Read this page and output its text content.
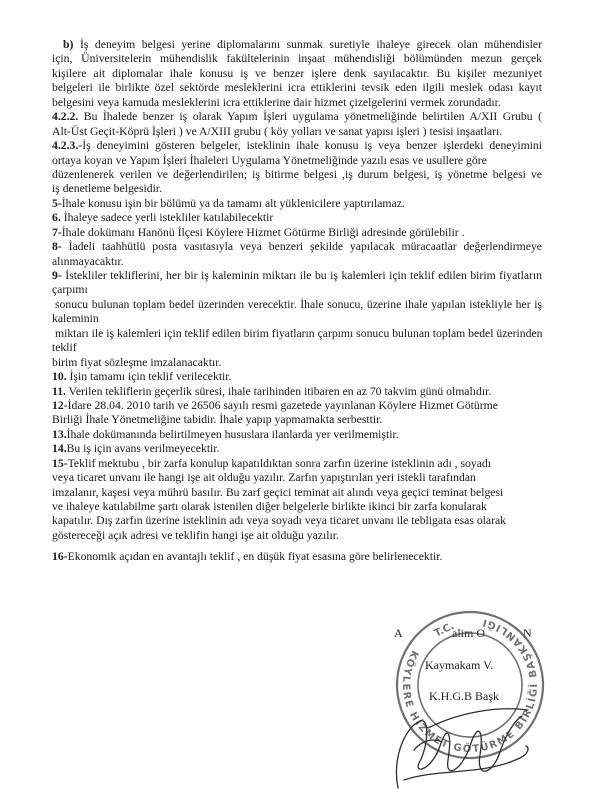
b) İş deneyim belgesi yerine diplomalarını sunmak suretiyle ihaleye girecek olan mühendisler
için, Üniversitelerin mühendislik fakültelerinin inşaat mühendisliği bölümünden mezun gerçek
kişilere ait diplomalar ihale konusu iş ve benzer işlere denk sayılacaktır. Bu kişiler mezuniyet
belgeleri ile birlikte özel sektörde mesleklerini icra ettiklerini tevsik eden ilgili meslek odası kayıt
belgesini veya kamuda mesleklerini icra ettiklerine dair hizmet çizelgelerini vermek zorundadır.
4.2.2. Bu İhalede benzer iş olarak Yapım İşleri uygulama yönetmeliğinde belirtilen A/XII Grubu (
Alt-Üst Geçit-Köprü İşleri ) ve A/XIII grubu ( köy yolları ve sanat yapısı işleri ) tesisi inşaatları.
4.2.3.-İş deneyimini gösteren belgeler, isteklinin ihale konusu iş veya benzer işlerdeki deneyimini
ortaya koyan ve Yapım İşleri İhaleleri Uygulama Yönetmeliğinde yazılı esas ve usullere göre
düzenlenerek verilen ve değerlendirilen; iş bitirme belgesi ,iş durum belgesi, iş yönetme belgesi ve
iş denetleme belgesidir.
5-İhale konusu işin bir bölümü ya da tamamı alt yüklenicilere yaptırılamaz.
6. İhaleye sadece yerli istekliler katılabilecektir
7-İhale dokümanı Hanönü İlçesi Köylere Hizmet Götürme Birliği adresinde görülebilir .
8- İadeli taahhütlü posta vasıtasıyla veya benzeri şekilde yapılacak müracaatlar değerlendirmeye
alınmayacaktır.
9- İstekliler tekliflerini, her bir iş kaleminin miktarı ile bu iş kalemleri için teklif edilen birim fiyatların
çarpımı
sonucu bulunan toplam bedel üzerinden verecektir. İhale sonucu, üzerine ihale yapılan istekliyle her iş
kaleminin
miktarı ile iş kalemleri için teklif edilen birim fiyatların çarpımı sonucu bulunan toplam bedel üzerinden
teklif
birim fiyat sözleşme imzalanacaktır.
10. İşin tamamı için teklif verilecektir.
11. Verilen tekliflerin geçerlik süresi, ihale tarihinden itibaren en az 70 takvim günü olmalıdır.
12-İdare 28.04. 2010 tarih ve 26506 sayılı resmi gazetede yayınlanan Köylere Hizmet Götürme
Birliği İhale Yönetmeliğine tabidir. İhale yapıp yapmamakta serbesttir.
13.İhale dokümanında belirtilmeyen hususlara ilanlarda yer verilmemiştir.
14.Bu iş için avans verilmeyecektir.
15-Teklif mektubu , bir zarfa konulup kapatıldıktan sonra zarfın üzerine isteklinin adı , soyadı
veya ticaret unvanı ile hangi işe ait olduğu yazılır. Zarfın yapıştırılan yeri istekli tarafından
imzalanır, kaşesi veya mührü basılır. Bu zarf geçici teminat ait alındı veya geçici teminat belgesi
ve ihaleye katılabilme şartı olarak istenilen diğer belgelerle birlikte ikinci bir zarfa konularak
kapatılır. Dış zarfın üzerine isteklinin adı veya soyadı veya ticaret unvanı ile tebligata esas olarak
göstereceği açık adresi ve teklifin hangi işe ait olduğu yazılır.
16-Ekonomik açıdan en avantajlı teklif , en düşük fiyat esasına göre belirlenecektir.
A	alim O	N
Kaymakam V.
K.H.G.B Başk
T.C.
KÖYLERE HİZMET GÖTÜRME BİRLİĞİ BAŞKANLIĞI
